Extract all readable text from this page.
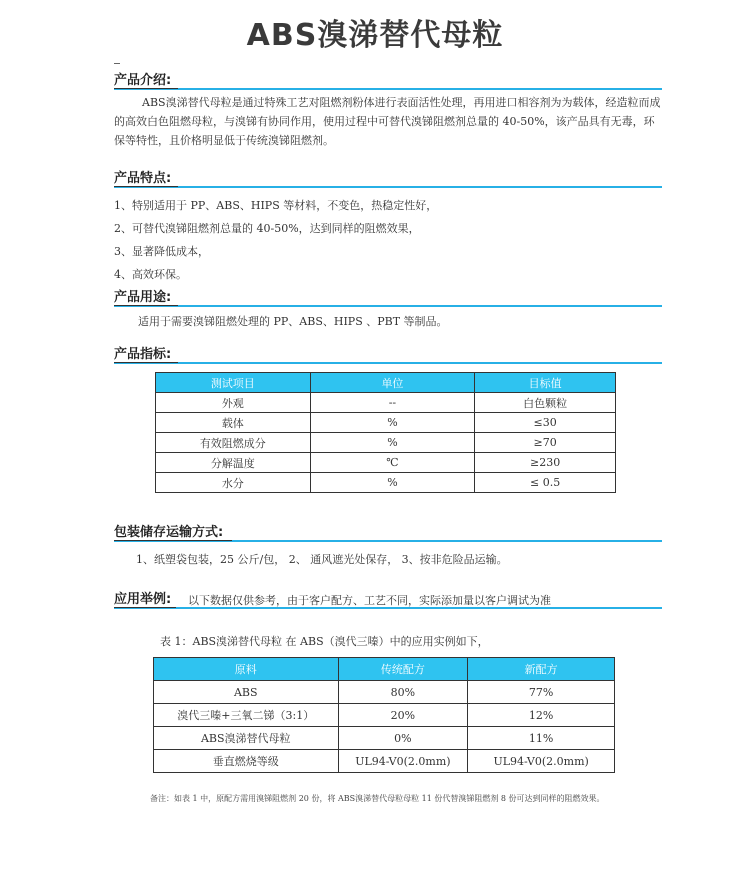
ABS溴涕替代母粒
产品介绍:
ABS溴涕替代母粒是通过特殊工艺对阻燃剂粉体进行表面活性处理，再用进口相容剂为为载体，经造粒而成的高效白色阻燃母粒，与溴锑有协同作用，使用过程中可替代溴锑阻燃剂总量的 40-50%，该产品具有无毒，环保等特性，且价格明显低于传统溴锑阻燃剂。
产品特点:
1、特别适用于 PP、ABS、HIPS 等材料，不变色，热稳定性好，
2、可替代溴锑阻燃剂总量的 40-50%，达到同样的阻燃效果，
3、显著降低成本，
4、高效环保。
产品用途:
适用于需要溴锑阻燃处理的 PP、ABS、HIPS 、PBT 等制品。
产品指标:
测试项目	单位	目标值
外观	--	白色颗粒
载体	%	≤30
有效阻燃成分	%	≥70
分解温度	℃	≥230
水分	%	≤ 0.5
包装储存运输方式:
1、纸塑袋包装，25 公斤/包， 2、 通风遮光处保存， 3、按非危险品运输。
应用举例: 以下数据仅供参考，由于客户配方、工艺不同，实际添加量以客户调试为准
表 1：ABS溴涕替代母粒 在 ABS（溴代三嗪）中的应用实例如下，
原料	传统配方	新配方
ABS	80%	77%
溴代三嗪+三氧二锑（3:1）	20%	12%
ABS溴涕替代母粒	0%	11%
垂直燃烧等级	UL94-V0(2.0mm)	UL94-V0(2.0mm)
备注：如表 1 中，原配方需用溴锑阻燃剂 20 份，将 ABS溴涕替代母粒母粒 11 份代替溴锑阻燃剂 8 份可达到同样的阻燃效果。
